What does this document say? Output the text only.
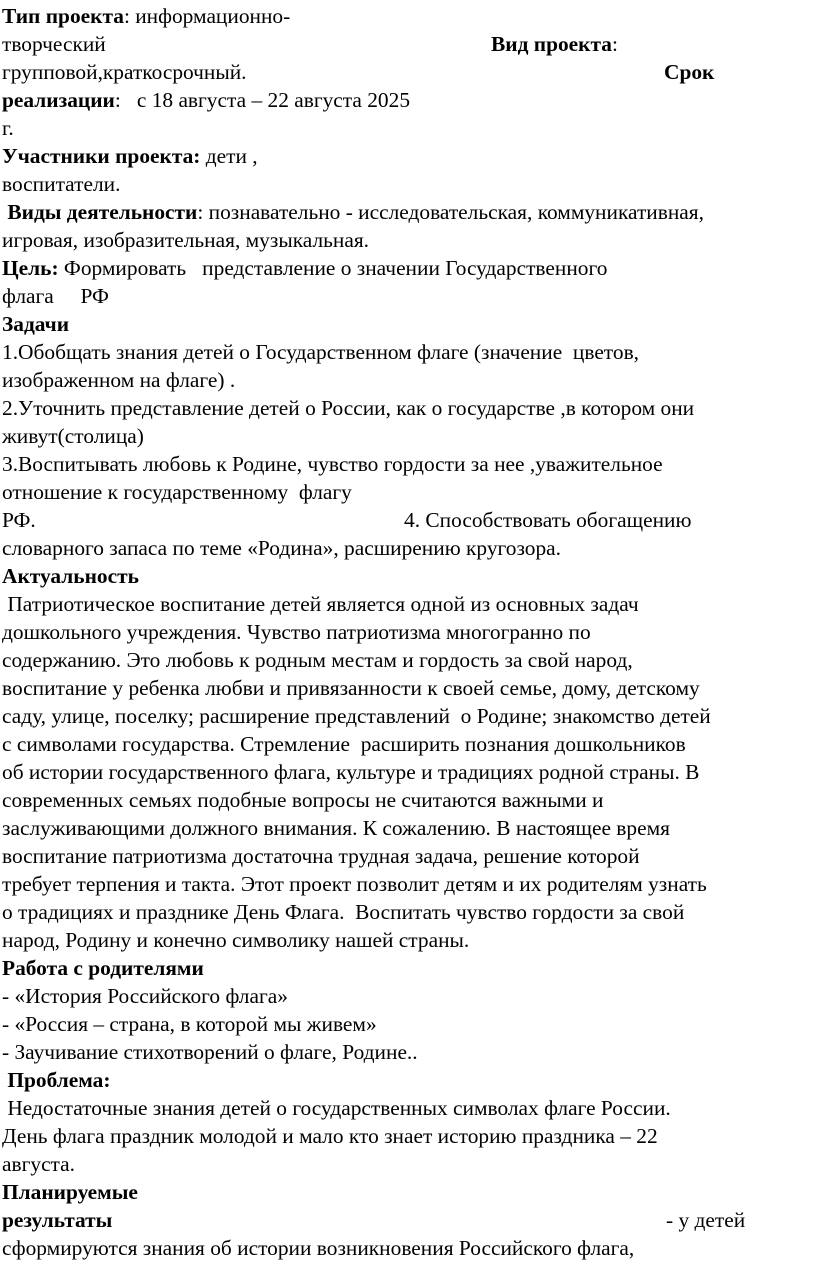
Тип проекта: информационно-
творческий	Вид проекта:
групповой,краткосрочный.	Срок
реализации:   с 18 августа – 22 августа 2025
г.
Участники проекта: дети ,
воспитатели.
Виды деятельности: познавательно - исследовательская, коммуникативная,
игровая, изобразительная, музыкальная.
Цель: Формировать   представление о значении Государственного
флага     РФ
Задачи
1.Обобщать знания детей о Государственном флаге (значение  цветов,
изображенном на флаге) .
2.Уточнить представление детей о России, как о государстве ,в котором они
живут(столица)
3.Воспитывать любовь к Родине, чувство гордости за нее ,уважительное
отношение к государственному  флагу
РФ.	4. Способствовать обогащению
словарного запаса по теме «Родина», расширению кругозора.
Актуальность
Патриотическое воспитание детей является одной из основных задач
дошкольного учреждения. Чувство патриотизма многогранно по
содержанию. Это любовь к родным местам и гордость за свой народ,
воспитание у ребенка любви и привязанности к своей семье, дому, детскому
саду, улице, поселку; расширение представлений  о Родине; знакомство детей
с символами государства. Стремление  расширить познания дошкольников
об истории государственного флага, культуре и традициях родной страны. В
современных семьях подобные вопросы не считаются важными и
заслуживающими должного внимания. К сожалению. В настоящее время
воспитание патриотизма достаточна трудная задача, решение которой
требует терпения и такта. Этот проект позволит детям и их родителям узнать
о традициях и празднике День Флага.  Воспитать чувство гордости за свой
народ, Родину и конечно символику нашей страны.
Работа с родителями
- «История Российского флага»
- «Россия – страна, в которой мы живем»
- Заучивание стихотворений о флаге, Родине..
Проблема:
Недостаточные знания детей о государственных символах флаге России.
День флага праздник молодой и мало кто знает историю праздника – 22
августа.
Планируемые
результаты	- у детей
сформируются знания об истории возникновения Российского флага,
